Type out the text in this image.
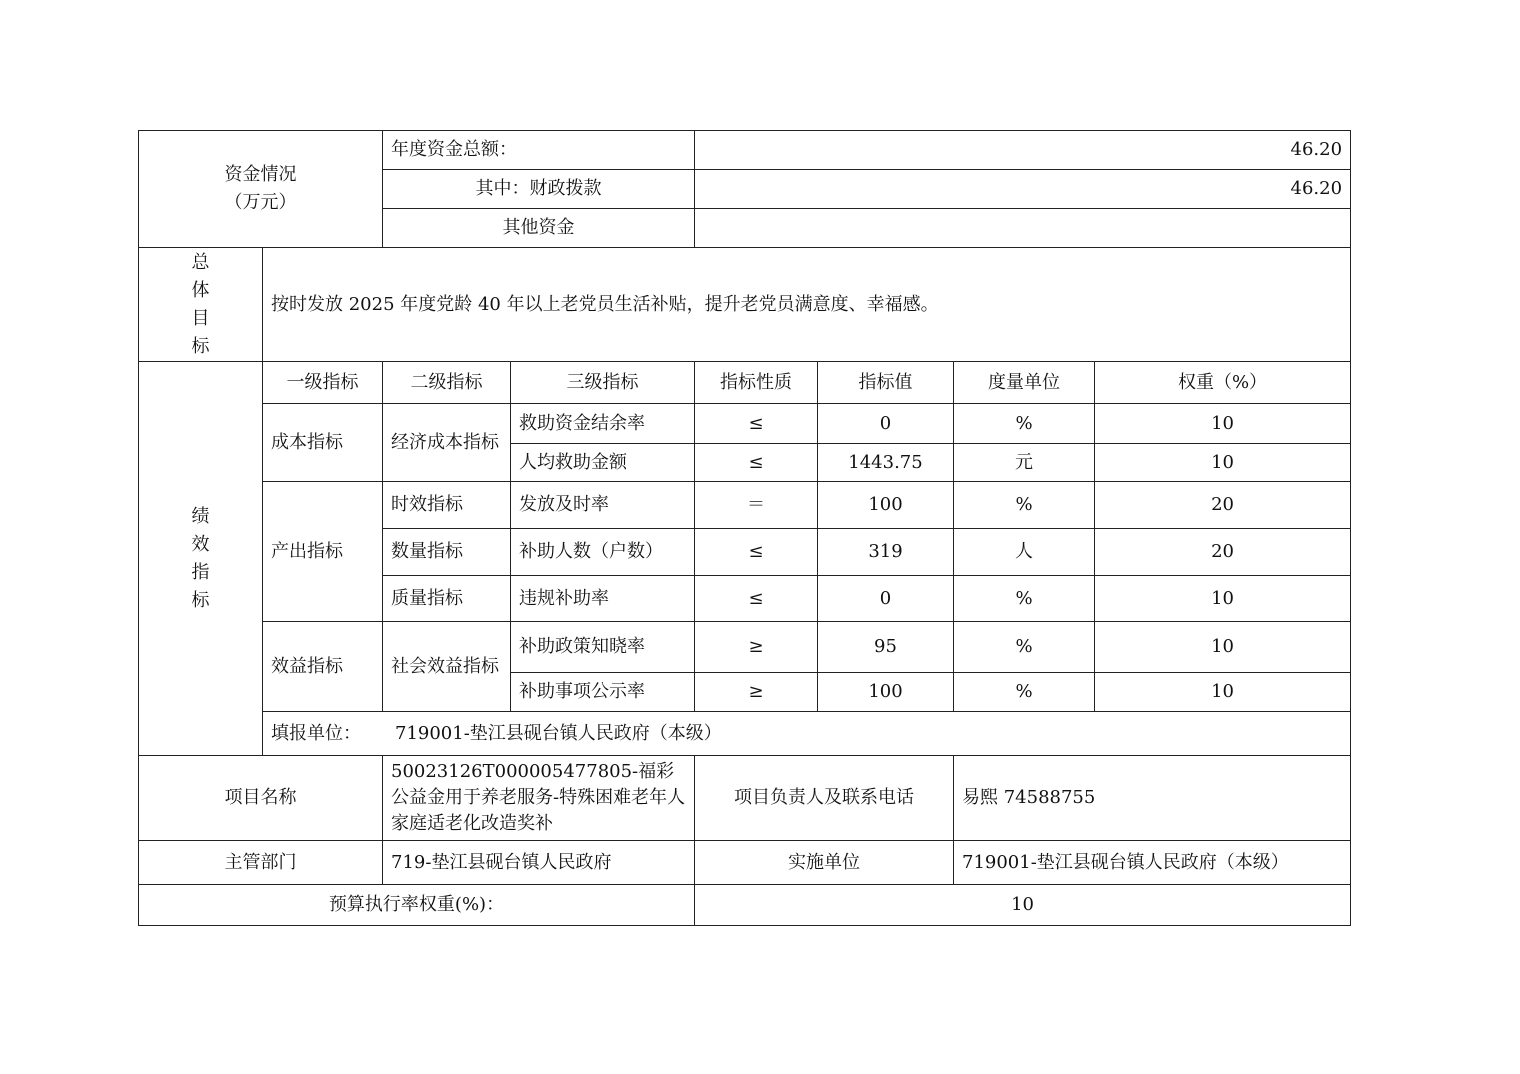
资金情况
（万元）		年度资金总额：		46.20			
		其中：财政拨款		46.20			
		其他资金					

总
体
目
标	按时发放 2025 年度党龄 40 年以上老党员生活补贴，提升老党员满意度、幸福感。						

绩
效
指
标	一级指标	二级指标	三级指标	指标性质	指标值	度量单位	权重（%）
	成本指标	经济成本指标	救助资金结余率	≤	0	%	10
			人均救助金额	≤	1443.75	元	10
	产出指标	时效指标	发放及时率	＝	100	%	20
		数量指标	补助人数（户数）	≤	319	人	20
		质量指标	违规补助率	≤	0	%	10
	效益指标	社会效益指标	补助政策知晓率	≥	95	%	10
			补助事项公示率	≥	100	%	10
	填报单位： 719001-垫江县砚台镇人民政府（本级）						
项目名称		50023126T000005477805-福彩公益金用于养老服务-特殊困难老年人家庭适老化改造奖补		项目负责人及联系电话		易熙 74588755	
主管部门		719-垫江县砚台镇人民政府		实施单位		719001-垫江县砚台镇人民政府（本级）	
预算执行率权重(%)：				10			
